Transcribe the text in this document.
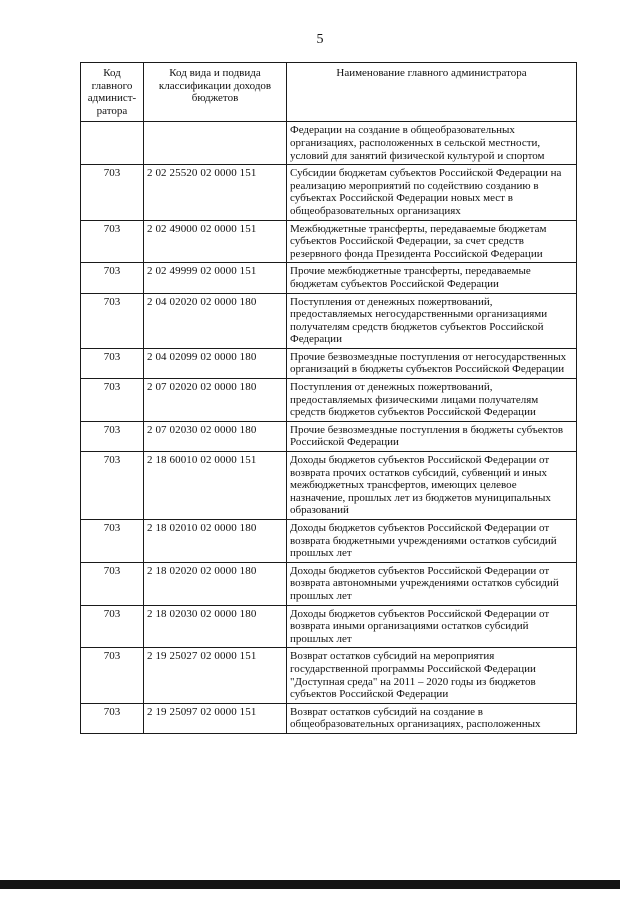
5
Код главного админист-ратора	Код вида и подвида классификации доходов бюджетов	Наименование главного администратора
		Федерации на создание в общеобразовательных организациях, расположенных в сельской местности, условий для занятий физической культурой и спортом
703	2 02 25520 02 0000 151	Субсидии бюджетам субъектов Российской Федерации на реализацию мероприятий по содействию созданию в субъектах Российской Федерации новых мест в общеобразовательных организациях
703	2 02 49000 02 0000 151	Межбюджетные трансферты, передаваемые бюджетам субъектов Российской Федерации, за счет средств резервного фонда Президента Российской Федерации
703	2 02 49999 02 0000 151	Прочие межбюджетные трансферты, передаваемые бюджетам субъектов Российской Федерации
703	2 04 02020 02 0000 180	Поступления от денежных пожертвований, предоставляемых негосударственными организациями получателям средств бюджетов субъектов Российской Федерации
703	2 04 02099 02 0000 180	Прочие безвозмездные поступления от негосударственных организаций в бюджеты субъектов Российской Федерации
703	2 07 02020 02 0000 180	Поступления от денежных пожертвований, предоставляемых физическими лицами получателям средств бюджетов субъектов Российской Федерации
703	2 07 02030 02 0000 180	Прочие безвозмездные поступления в бюджеты субъектов Российской Федерации
703	2 18 60010 02 0000 151	Доходы бюджетов субъектов Российской Федерации от возврата прочих остатков субсидий, субвенций и иных межбюджетных трансфертов, имеющих целевое назначение, прошлых лет из бюджетов муниципальных образований
703	2 18 02010 02 0000 180	Доходы бюджетов субъектов Российской Федерации от возврата бюджетными учреждениями остатков субсидий прошлых лет
703	2 18 02020 02 0000 180	Доходы бюджетов субъектов Российской Федерации от возврата автономными учреждениями остатков субсидий прошлых лет
703	2 18 02030 02 0000 180	Доходы бюджетов субъектов Российской Федерации от возврата иными организациями остатков субсидий прошлых лет
703	2 19 25027 02 0000 151	Возврат остатков субсидий на мероприятия государственной программы Российской Федерации "Доступная среда" на 2011 – 2020 годы из бюджетов субъектов Российской Федерации
703	2 19 25097 02 0000 151	Возврат остатков субсидий на создание в общеобразовательных организациях, расположенных
